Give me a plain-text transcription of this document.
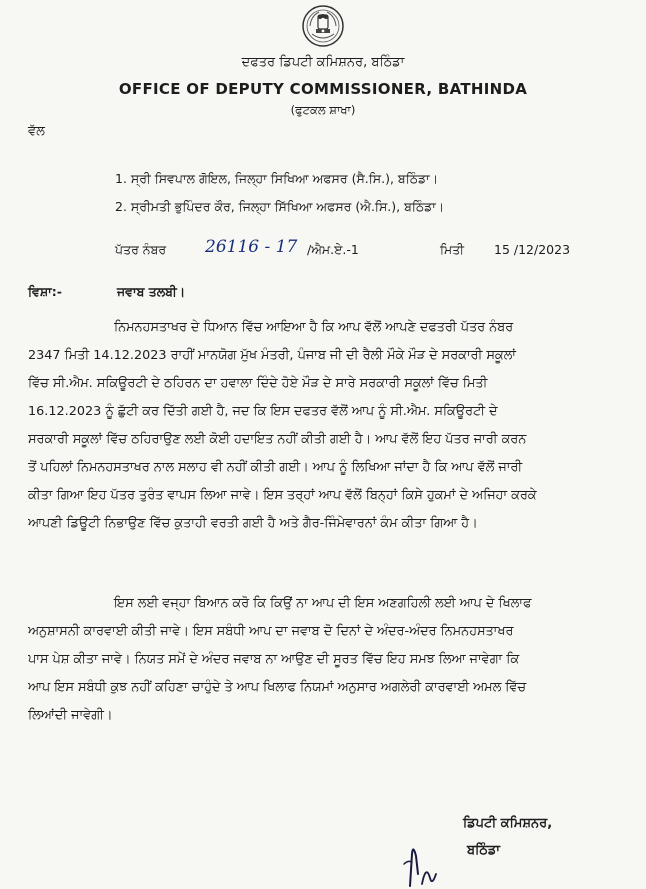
ਦਫਤਰ ਡਿਪਟੀ ਕਮਿਸ਼ਨਰ, ਬਠਿੰਡਾ
OFFICE OF DEPUTY COMMISSIONER, BATHINDA
(ਫੁਟਕਲ ਸ਼ਾਖਾ)
ਵੱਲ
1. ਸ੍ਰੀ ਸਿਵਪਾਲ ਗੋਇਲ, ਜਿਲ੍ਹਾ ਸਿਖਿਆ ਅਫਸਰ (ਸੈ.ਸਿ.), ਬਠਿੰਡਾ।
2. ਸ੍ਰੀਮਤੀ ਭੁਪਿੰਦਰ ਕੌਰ, ਜਿਲ੍ਹਾ ਸਿੱਖਿਆ ਅਫਸਰ (ਐ.ਸਿ.), ਬਠਿੰਡਾ।
ਪੱਤਰ ਨੰਬਰ 26116 - 17 /ਐਮ.ਏ.-1	ਮਿਤੀ 15 /12/2023
ਵਿਸ਼ਾ:-	ਜਵਾਬ ਤਲਬੀ।
ਨਿਮਨਹਸਤਾਖਰ ਦੇ ਧਿਆਨ ਵਿੱਚ ਆਇਆ ਹੈ ਕਿ ਆਪ ਵੱਲੋਂ ਆਪਣੇ ਦਫਤਰੀ ਪੱਤਰ ਨੰਬਰ
2347 ਮਿਤੀ 14.12.2023 ਰਾਹੀਂ ਮਾਨਯੋਗ ਮੁੱਖ ਮੰਤਰੀ, ਪੰਜਾਬ ਜੀ ਦੀ ਰੈਲੀ ਮੌਕੇ ਮੌੜ ਦੇ ਸਰਕਾਰੀ ਸਕੂਲਾਂ
ਵਿੱਚ ਸੀ.ਐਮ. ਸਕਿਊਰਟੀ ਦੇ ਠਹਿਰਨ ਦਾ ਹਵਾਲਾ ਦਿੰਦੇ ਹੋਏ ਮੌੜ ਦੇ ਸਾਰੇ ਸਰਕਾਰੀ ਸਕੂਲਾਂ ਵਿੱਚ ਮਿਤੀ
16.12.2023 ਨੂੰ ਛੁੱਟੀ ਕਰ ਦਿੱਤੀ ਗਈ ਹੈ, ਜਦ ਕਿ ਇਸ ਦਫਤਰ ਵੱਲੋਂ ਆਪ ਨੂੰ ਸੀ.ਐਮ. ਸਕਿਊਰਟੀ ਦੇ
ਸਰਕਾਰੀ ਸਕੂਲਾਂ ਵਿੱਚ ਠਹਿਰਾਉਣ ਲਈ ਕੋਈ ਹਦਾਇਤ ਨਹੀਂ ਕੀਤੀ ਗਈ ਹੈ। ਆਪ ਵੱਲੋਂ ਇਹ ਪੱਤਰ ਜਾਰੀ ਕਰਨ
ਤੋਂ ਪਹਿਲਾਂ ਨਿਮਨਹਸਤਾਖਰ ਨਾਲ ਸਲਾਹ ਵੀ ਨਹੀਂ ਕੀਤੀ ਗਈ। ਆਪ ਨੂੰ ਲਿਖਿਆ ਜਾਂਦਾ ਹੈ ਕਿ ਆਪ ਵੱਲੋਂ ਜਾਰੀ
ਕੀਤਾ ਗਿਆ ਇਹ ਪੱਤਰ ਤੁਰੰਤ ਵਾਪਸ ਲਿਆ ਜਾਵੇ। ਇਸ ਤਰ੍ਹਾਂ ਆਪ ਵੱਲੋਂ ਬਿਨ੍ਹਾਂ ਕਿਸੇ ਹੁਕਮਾਂ ਦੇ ਅਜਿਹਾ ਕਰਕੇ
ਆਪਣੀ ਡਿਊਟੀ ਨਿਭਾਉਣ ਵਿੱਚ ਕੁਤਾਹੀ ਵਰਤੀ ਗਈ ਹੈ ਅਤੇ ਗੈਰ-ਜਿੰਮੇਵਾਰਨਾਂ ਕੰਮ ਕੀਤਾ ਗਿਆ ਹੈ।
ਇਸ ਲਈ ਵਜ੍ਹਾ ਬਿਆਨ ਕਰੋ ਕਿ ਕਿਉਂ ਨਾ ਆਪ ਦੀ ਇਸ ਅਣਗਹਿਲੀ ਲਈ ਆਪ ਦੇ ਖਿਲਾਫ
ਅਨੁਸ਼ਾਸਨੀ ਕਾਰਵਾਈ ਕੀਤੀ ਜਾਵੇ। ਇਸ ਸਬੰਧੀ ਆਪ ਦਾ ਜਵਾਬ ਦੋ ਦਿਨਾਂ ਦੇ ਅੰਦਰ-ਅੰਦਰ ਨਿਮਨਹਸਤਾਖਰ
ਪਾਸ ਪੇਸ਼ ਕੀਤਾ ਜਾਵੇ। ਨਿਯਤ ਸਮੇਂ ਦੇ ਅੰਦਰ ਜਵਾਬ ਨਾ ਆਉਣ ਦੀ ਸੂਰਤ ਵਿੱਚ ਇਹ ਸਮਝ ਲਿਆ ਜਾਵੇਗਾ ਕਿ
ਆਪ ਇਸ ਸਬੰਧੀ ਕੁਝ ਨਹੀਂ ਕਹਿਣਾ ਚਾਹੁੰਦੇ ਤੇ ਆਪ ਖਿਲਾਫ ਨਿਯਮਾਂ ਅਨੁਸਾਰ ਅਗਲੇਰੀ ਕਾਰਵਾਈ ਅਮਲ ਵਿੱਚ
ਲਿਆਂਦੀ ਜਾਵੇਗੀ।
ਡਿਪਟੀ ਕਮਿਸ਼ਨਰ,
ਬਠਿੰਡਾ
